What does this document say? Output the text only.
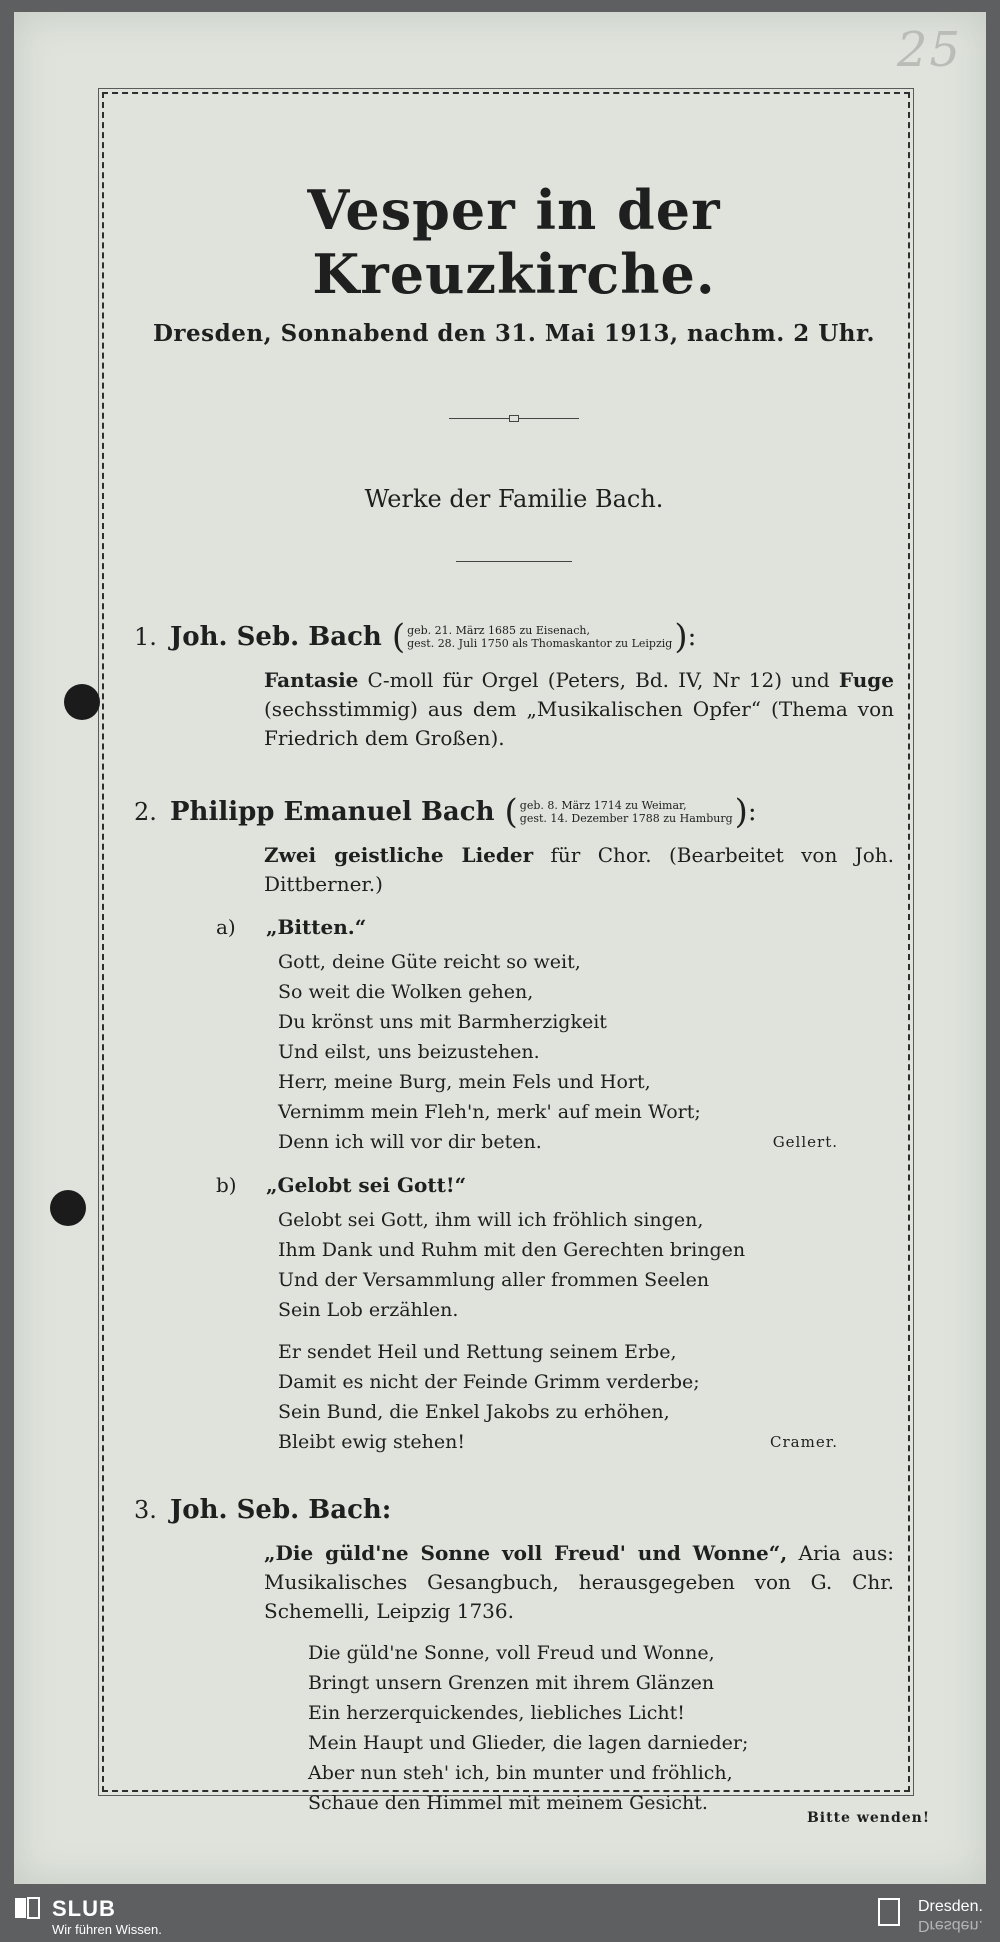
25
Vesper in der Kreuzkirche.
Dresden, Sonnabend den 31. Mai 1913, nachm. 2 Uhr.
Werke der Familie Bach.
1. Joh. Seb. Bach ( geb. 21. März 1685 zu Eisenach,
gest. 28. Juli 1750 als Thomaskantor zu Leipzig ) :
Fantasie C-moll für Orgel (Peters, Bd. IV, Nr 12) und Fuge (sechsstimmig) aus dem „Musikalischen Opfer“ (Thema von Friedrich dem Großen).
2. Philipp Emanuel Bach ( geb. 8. März 1714 zu Weimar,
gest. 14. Dezember 1788 zu Hamburg ) :
Zwei geistliche Lieder für Chor. (Bearbeitet von Joh. Dittberner.)
a)	„Bitten.“
Gott, deine Güte reicht so weit,
So weit die Wolken gehen,
Du krönst uns mit Barmherzigkeit
Und eilst, uns beizustehen.
Herr, meine Burg, mein Fels und Hort,
Vernimm mein Fleh'n, merk' auf mein Wort;
Denn ich will vor dir beten.	Gellert.
b)	„Gelobt sei Gott!“
Gelobt sei Gott, ihm will ich fröhlich singen,
Ihm Dank und Ruhm mit den Gerechten bringen
Und der Versammlung aller frommen Seelen
Sein Lob erzählen.
Er sendet Heil und Rettung seinem Erbe,
Damit es nicht der Feinde Grimm verderbe;
Sein Bund, die Enkel Jakobs zu erhöhen,
Bleibt ewig stehen!	Cramer.
3. Joh. Seb. Bach:
„Die güld'ne Sonne voll Freud' und Wonne“, Aria aus: Musikalisches Gesangbuch, herausgegeben von G. Chr. Schemelli, Leipzig 1736.
Die güld'ne Sonne, voll Freud und Wonne,
Bringt unsern Grenzen mit ihrem Glänzen
Ein herzerquickendes, liebliches Licht!
Mein Haupt und Glieder, die lagen darnieder;
Aber nun steh' ich, bin munter und fröhlich,
Schaue den Himmel mit meinem Gesicht.
Bitte wenden!
SLUB
Wir führen Wissen.
Dresden.
Dresden.
